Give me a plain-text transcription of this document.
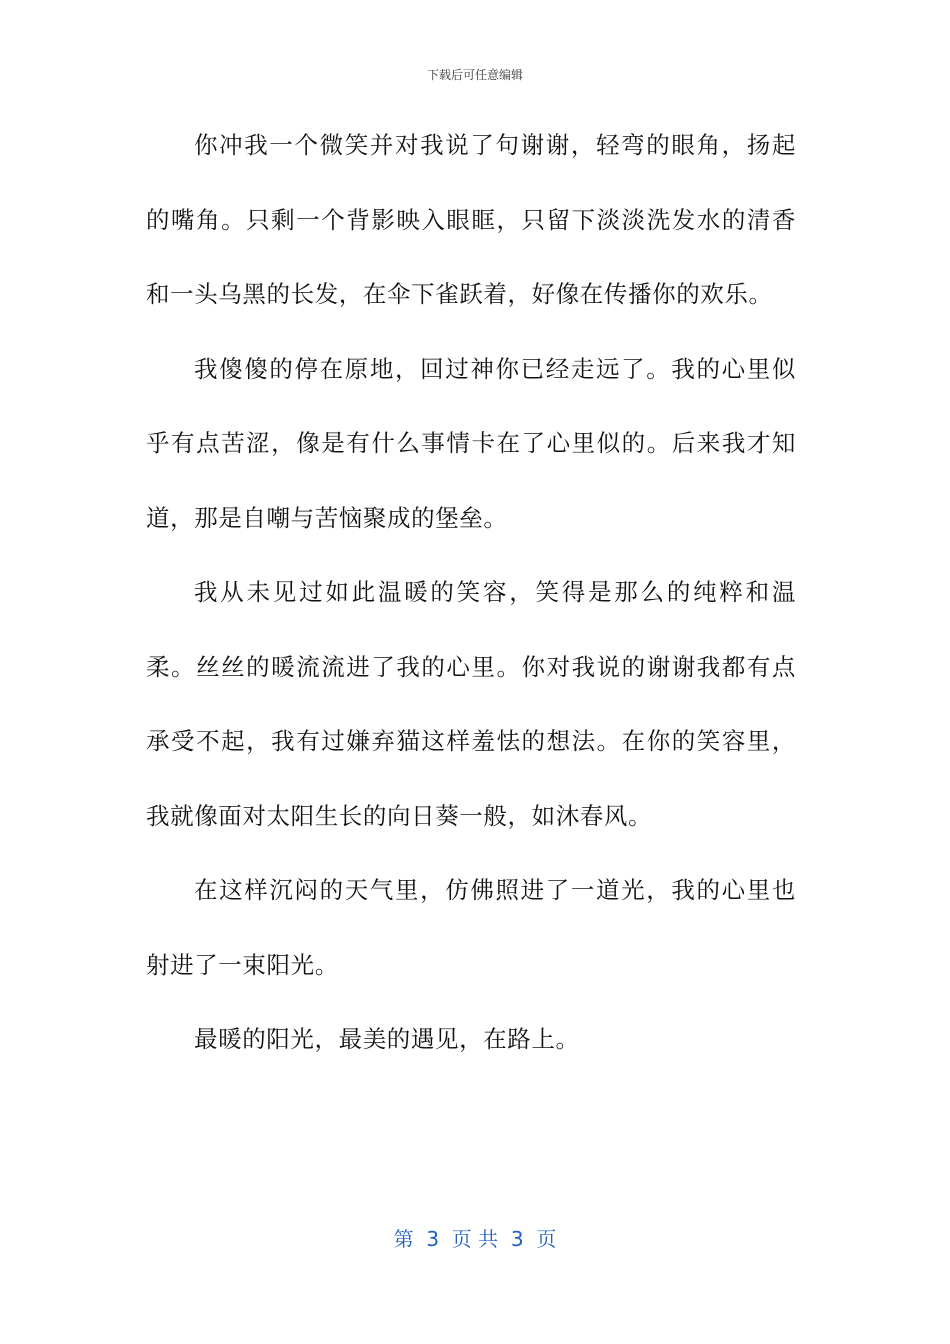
下载后可任意编辑

你冲我一个微笑并对我说了句谢谢，轻弯的眼角，扬起的嘴角。只剩一个背影映入眼眶，只留下淡淡洗发水的清香和一头乌黑的长发，在伞下雀跃着，好像在传播你的欢乐。

我傻傻的停在原地，回过神你已经走远了。我的心里似乎有点苦涩，像是有什么事情卡在了心里似的。后来我才知道，那是自嘲与苦恼聚成的堡垒。

我从未见过如此温暖的笑容，笑得是那么的纯粹和温柔。丝丝的暖流流进了我的心里。你对我说的谢谢我都有点承受不起，我有过嫌弃猫这样羞怯的想法。在你的笑容里，我就像面对太阳生长的向日葵一般，如沐春风。

在这样沉闷的天气里，仿佛照进了一道光，我的心里也射进了一束阳光。

最暖的阳光，最美的遇见，在路上。

第  3  页 共  3  页
